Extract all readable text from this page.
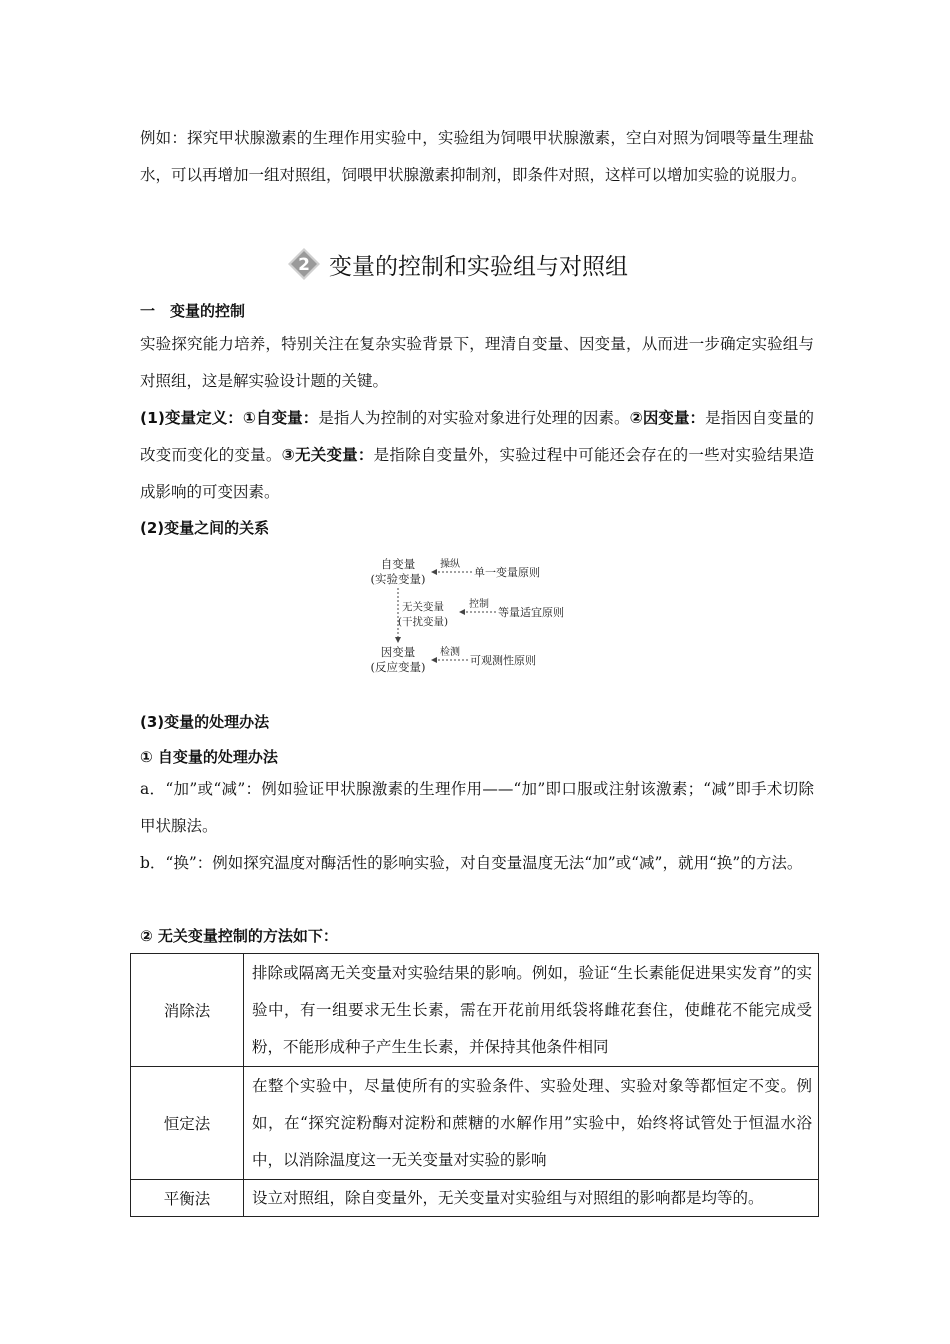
例如：探究甲状腺激素的生理作用实验中，实验组为饲喂甲状腺激素，空白对照为饲喂等量生理盐水，可以再增加一组对照组，饲喂甲状腺激素抑制剂，即条件对照，这样可以增加实验的说服力。

2 变量的控制和实验组与对照组
一　变量的控制

实验探究能力培养，特别关注在复杂实验背景下，理清自变量、因变量，从而进一步确定实验组与对照组，这是解实验设计题的关键。

(1)变量定义：①自变量：是指人为控制的对实验对象进行处理的因素。②因变量：是指因自变量的改变而变化的变量。③无关变量：是指除自变量外，实验过程中可能还会存在的一些对实验结果造成影响的可变因素。

(2)变量之间的关系
自变量
(实验变量)
无关变量
(干扰变量)
因变量
(反应变量)
操纵
单一变量原则
控制
等量适宜原则
检测
可观测性原则
(3)变量的处理办法
① 自变量的处理办法

a．“加”或“减”：例如验证甲状腺激素的生理作用——“加”即口服或注射该激素；“减”即手术切除甲状腺法。

b．“换”：例如探究温度对酶活性的影响实验，对自变量温度无法“加”或“减”，就用“换”的方法。

② 无关变量控制的方法如下：
消除法	排除或隔离无关变量对实验结果的影响。例如，验证“生长素能促进果实发育”的实验中，有一组要求无生长素，需在开花前用纸袋将雌花套住，使雌花不能完成受粉，不能形成种子产生生长素，并保持其他条件相同
恒定法	在整个实验中，尽量使所有的实验条件、实验处理、实验对象等都恒定不变。例如，在“探究淀粉酶对淀粉和蔗糖的水解作用”实验中，始终将试管处于恒温水浴中，以消除温度这一无关变量对实验的影响
平衡法	设立对照组，除自变量外，无关变量对实验组与对照组的影响都是均等的。
